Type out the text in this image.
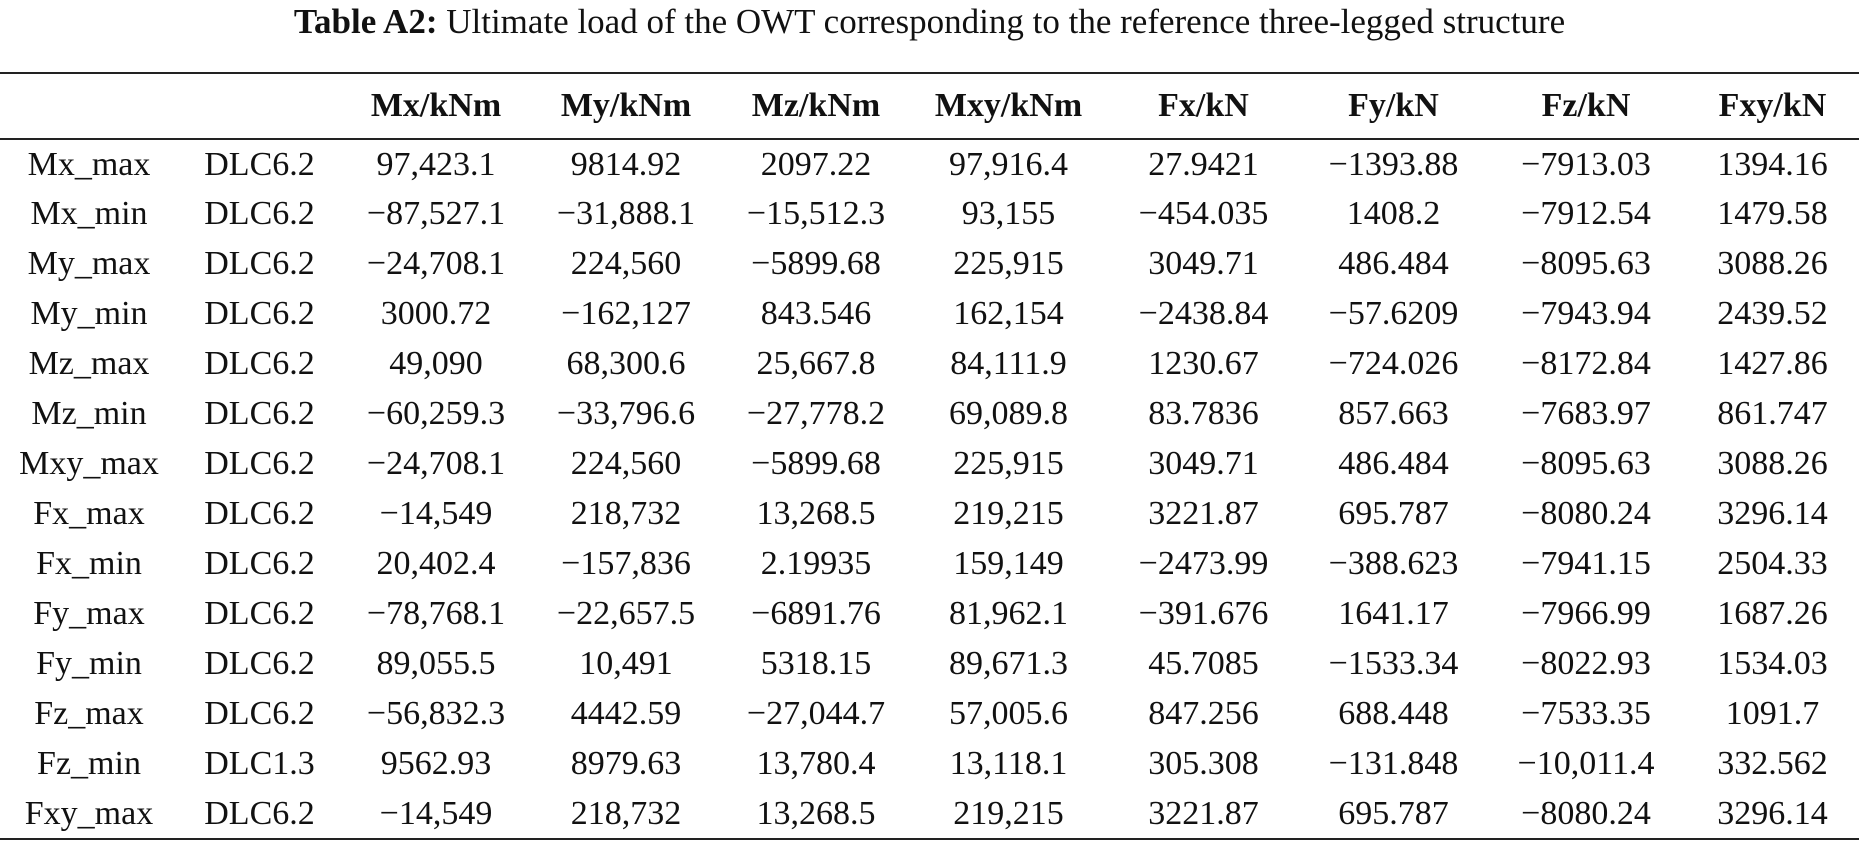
Table A2: Ultimate load of the OWT corresponding to the reference three-legged structure
		Mx/kNm	My/kNm	Mz/kNm	Mxy/kNm	Fx/kN	Fy/kN	Fz/kN	Fxy/kN
Mx_max	DLC6.2	97,423.1	9814.92	2097.22	97,916.4	27.9421	−1393.88	−7913.03	1394.16
Mx_min	DLC6.2	−87,527.1	−31,888.1	−15,512.3	93,155	−454.035	1408.2	−7912.54	1479.58
My_max	DLC6.2	−24,708.1	224,560	−5899.68	225,915	3049.71	486.484	−8095.63	3088.26
My_min	DLC6.2	3000.72	−162,127	843.546	162,154	−2438.84	−57.6209	−7943.94	2439.52
Mz_max	DLC6.2	49,090	68,300.6	25,667.8	84,111.9	1230.67	−724.026	−8172.84	1427.86
Mz_min	DLC6.2	−60,259.3	−33,796.6	−27,778.2	69,089.8	83.7836	857.663	−7683.97	861.747
Mxy_max	DLC6.2	−24,708.1	224,560	−5899.68	225,915	3049.71	486.484	−8095.63	3088.26
Fx_max	DLC6.2	−14,549	218,732	13,268.5	219,215	3221.87	695.787	−8080.24	3296.14
Fx_min	DLC6.2	20,402.4	−157,836	2.19935	159,149	−2473.99	−388.623	−7941.15	2504.33
Fy_max	DLC6.2	−78,768.1	−22,657.5	−6891.76	81,962.1	−391.676	1641.17	−7966.99	1687.26
Fy_min	DLC6.2	89,055.5	10,491	5318.15	89,671.3	45.7085	−1533.34	−8022.93	1534.03
Fz_max	DLC6.2	−56,832.3	4442.59	−27,044.7	57,005.6	847.256	688.448	−7533.35	1091.7
Fz_min	DLC1.3	9562.93	8979.63	13,780.4	13,118.1	305.308	−131.848	−10,011.4	332.562
Fxy_max	DLC6.2	−14,549	218,732	13,268.5	219,215	3221.87	695.787	−8080.24	3296.14
